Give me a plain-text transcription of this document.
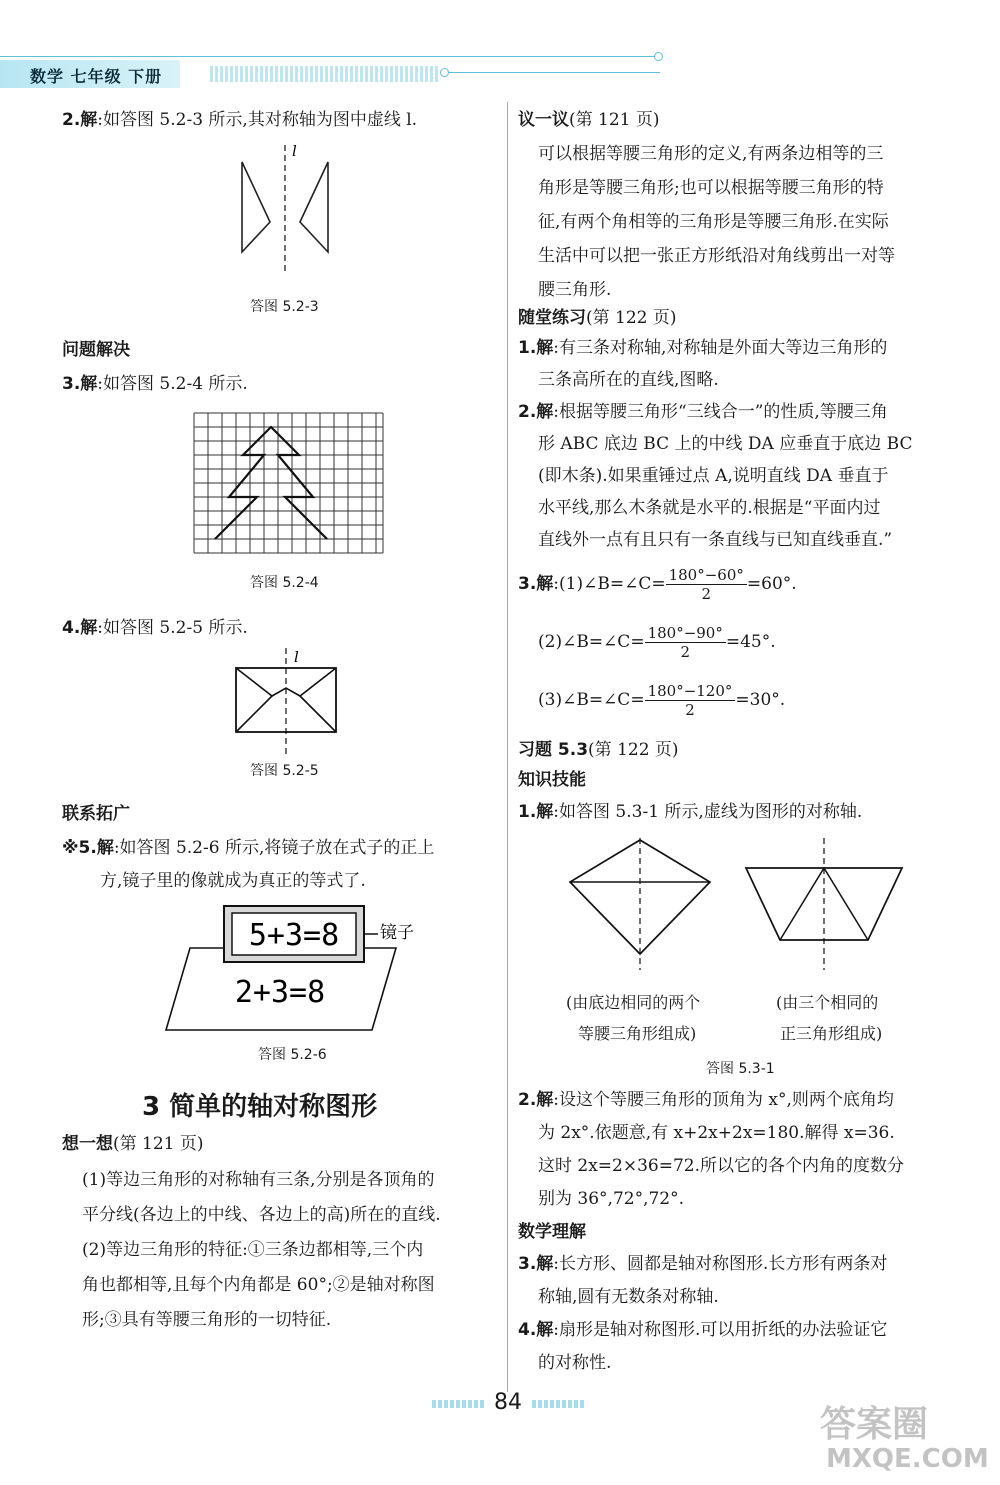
数学 七年级 下册
2.解:如答图 5.2-3 所示,其对称轴为图中虚线 l.
l
答图 5.2-3
问题解决
3.解:如答图 5.2-4 所示.
答图 5.2-4
4.解:如答图 5.2-5 所示.
l
答图 5.2-5
联系拓广
※5.解:如答图 5.2-6 所示,将镜子放在式子的正上
方,镜子里的像就成为真正的等式了.
5+3=8
2+3=8
镜子
答图 5.2-6
3 简单的轴对称图形
想一想(第 121 页)
(1)等边三角形的对称轴有三条,分别是各顶角的
平分线(各边上的中线、各边上的高)所在的直线.
(2)等边三角形的特征:①三条边都相等,三个内
角也都相等,且每个内角都是 60°;②是轴对称图
形;③具有等腰三角形的一切特征.
议一议(第 121 页)
可以根据等腰三角形的定义,有两条边相等的三
角形是等腰三角形;也可以根据等腰三角形的特
征,有两个角相等的三角形是等腰三角形.在实际
生活中可以把一张正方形纸沿对角线剪出一对等
腰三角形.
随堂练习(第 122 页)
1.解:有三条对称轴,对称轴是外面大等边三角形的
三条高所在的直线,图略.
2.解:根据等腰三角形“三线合一”的性质,等腰三角
形 ABC 底边 BC 上的中线 DA 应垂直于底边 BC
(即木条).如果重锤过点 A,说明直线 DA 垂直于
水平线,那么木条就是水平的.根据是“平面内过
直线外一点有且只有一条直线与已知直线垂直.”
3.解:(1)∠B=∠C= $\frac{180^\circ-60^\circ}{2} =60^\circ$.
(2)∠B=∠C= $\frac{180^\circ-90^\circ}{2} =45^\circ$.
(3)∠B=∠C= $\frac{180^\circ-120^\circ}{2} =30^\circ$.
习题 5.3(第 122 页)
知识技能
1.解:如答图 5.3-1 所示,虚线为图形的对称轴.
(由底边相同的两个
等腰三角形组成)
(由三个相同的
正三角形组成)
答图 5.3-1
2.解:设这个等腰三角形的顶角为 x°,则两个底角均
为 2x°.依题意,有 x+2x+2x=180.解得 x=36.
这时 2x=2×36=72.所以它的各个内角的度数分
别为 36°,72°,72°.
数学理解
3.解:长方形、圆都是轴对称图形.长方形有两条对
称轴,圆有无数条对称轴.
4.解:扇形是轴对称图形.可以用折纸的办法验证它
的对称性.
84
答案圈
MXQE.COM
